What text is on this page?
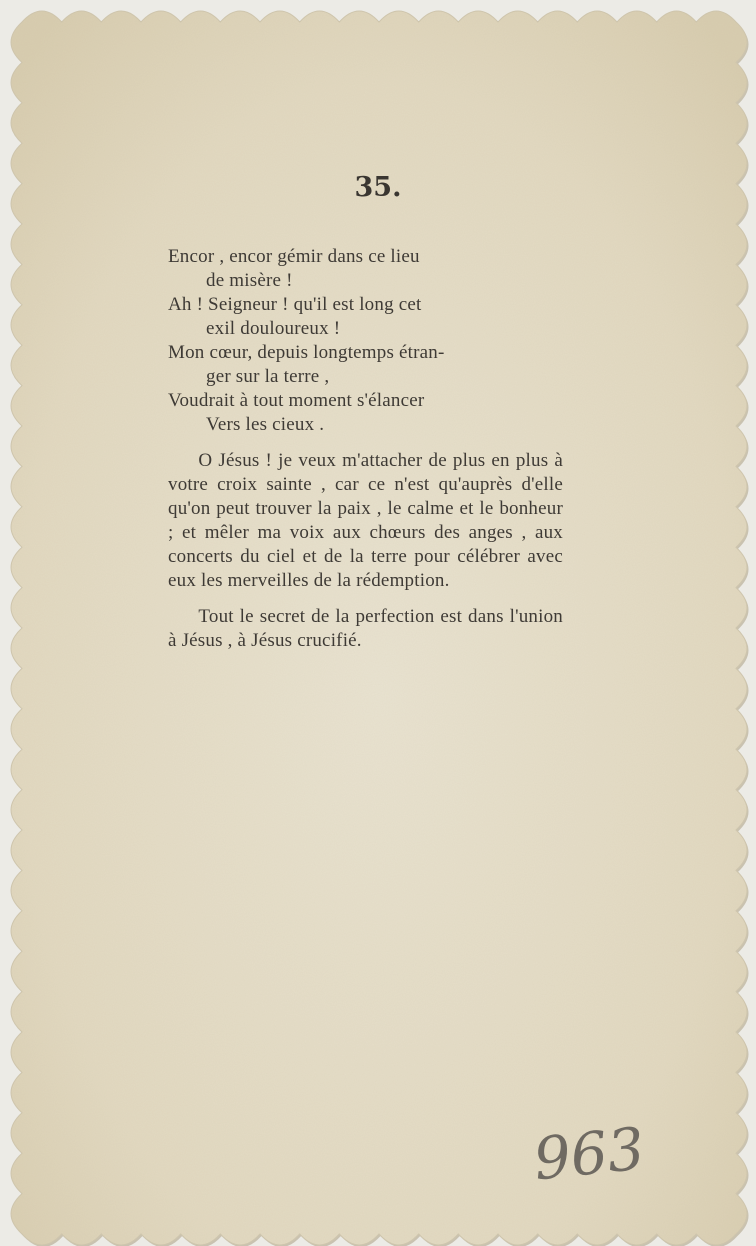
35.
Encor , encor gémir dans ce lieu
de misère !
Ah ! Seigneur ! qu'il est long cet
exil douloureux !
Mon cœur, depuis longtemps étran-
ger sur la terre ,
Voudrait à tout moment s'élancer
Vers les cieux .

O Jésus ! je veux m'attacher de plus en plus à votre croix sainte , car ce n'est qu'auprès d'elle qu'on peut trouver la paix , le calme et le bonheur ; et mêler ma voix aux chœurs des anges , aux concerts du ciel et de la terre pour célébrer avec eux les merveilles de la rédemption.

Tout le secret de la perfection est dans l'union à Jésus , à Jésus crucifié.

963
